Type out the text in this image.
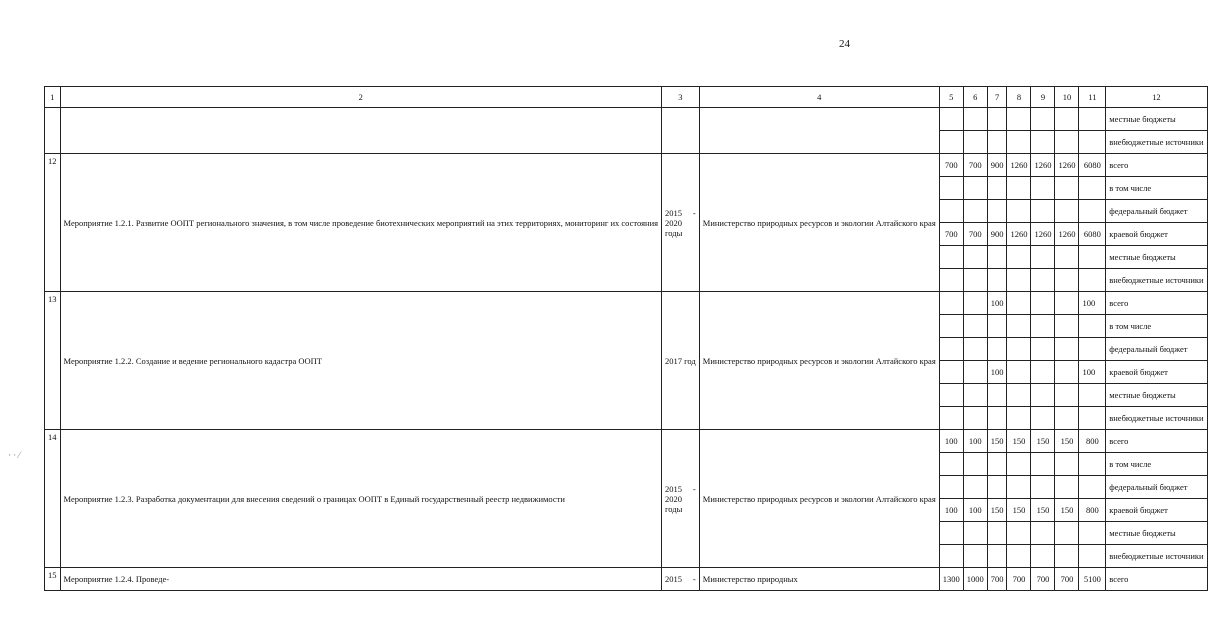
24
· · ⁄
1	2	3	4	5	6	7	8	9	10	11	12
											местные бюджеты
											внебюджетные источники
12	Мероприятие 1.2.1. Развитие ООПТ регионального значения, в том числе проведение биотехнических мероприятий на этих территориях, мониторинг их состояния	2015 -
2020
годы	Министерство природных ресурсов и экологии Алтайского края	700	700	900	1260	1260	1260	6080	всего
											в том числе
											федеральный бюджет
				700	700	900	1260	1260	1260	6080	краевой бюджет
											местные бюджеты
											внебюджетные источники
13	Мероприятие 1.2.2. Создание и ведение регионального кадастра ООПТ	2017 год	Министерство природных ресурсов и экологии Алтайского края			100				100	всего
											в том числе
											федеральный бюджет
						100				100	краевой бюджет
											местные бюджеты
											внебюджетные источники
14	Мероприятие 1.2.3. Разработка документации для внесения сведений о границах ООПТ в Единый государственный реестр недвижимости	2015 -
2020
годы	Министерство природных ресурсов и экологии Алтайского края	100	100	150	150	150	150	800	всего
											в том числе
											федеральный бюджет
				100	100	150	150	150	150	800	краевой бюджет
											местные бюджеты
											внебюджетные источники
15	Мероприятие 1.2.4. Проведе-	2015 -	Министерство природных	1300	1000	700	700	700	700	5100	всего
